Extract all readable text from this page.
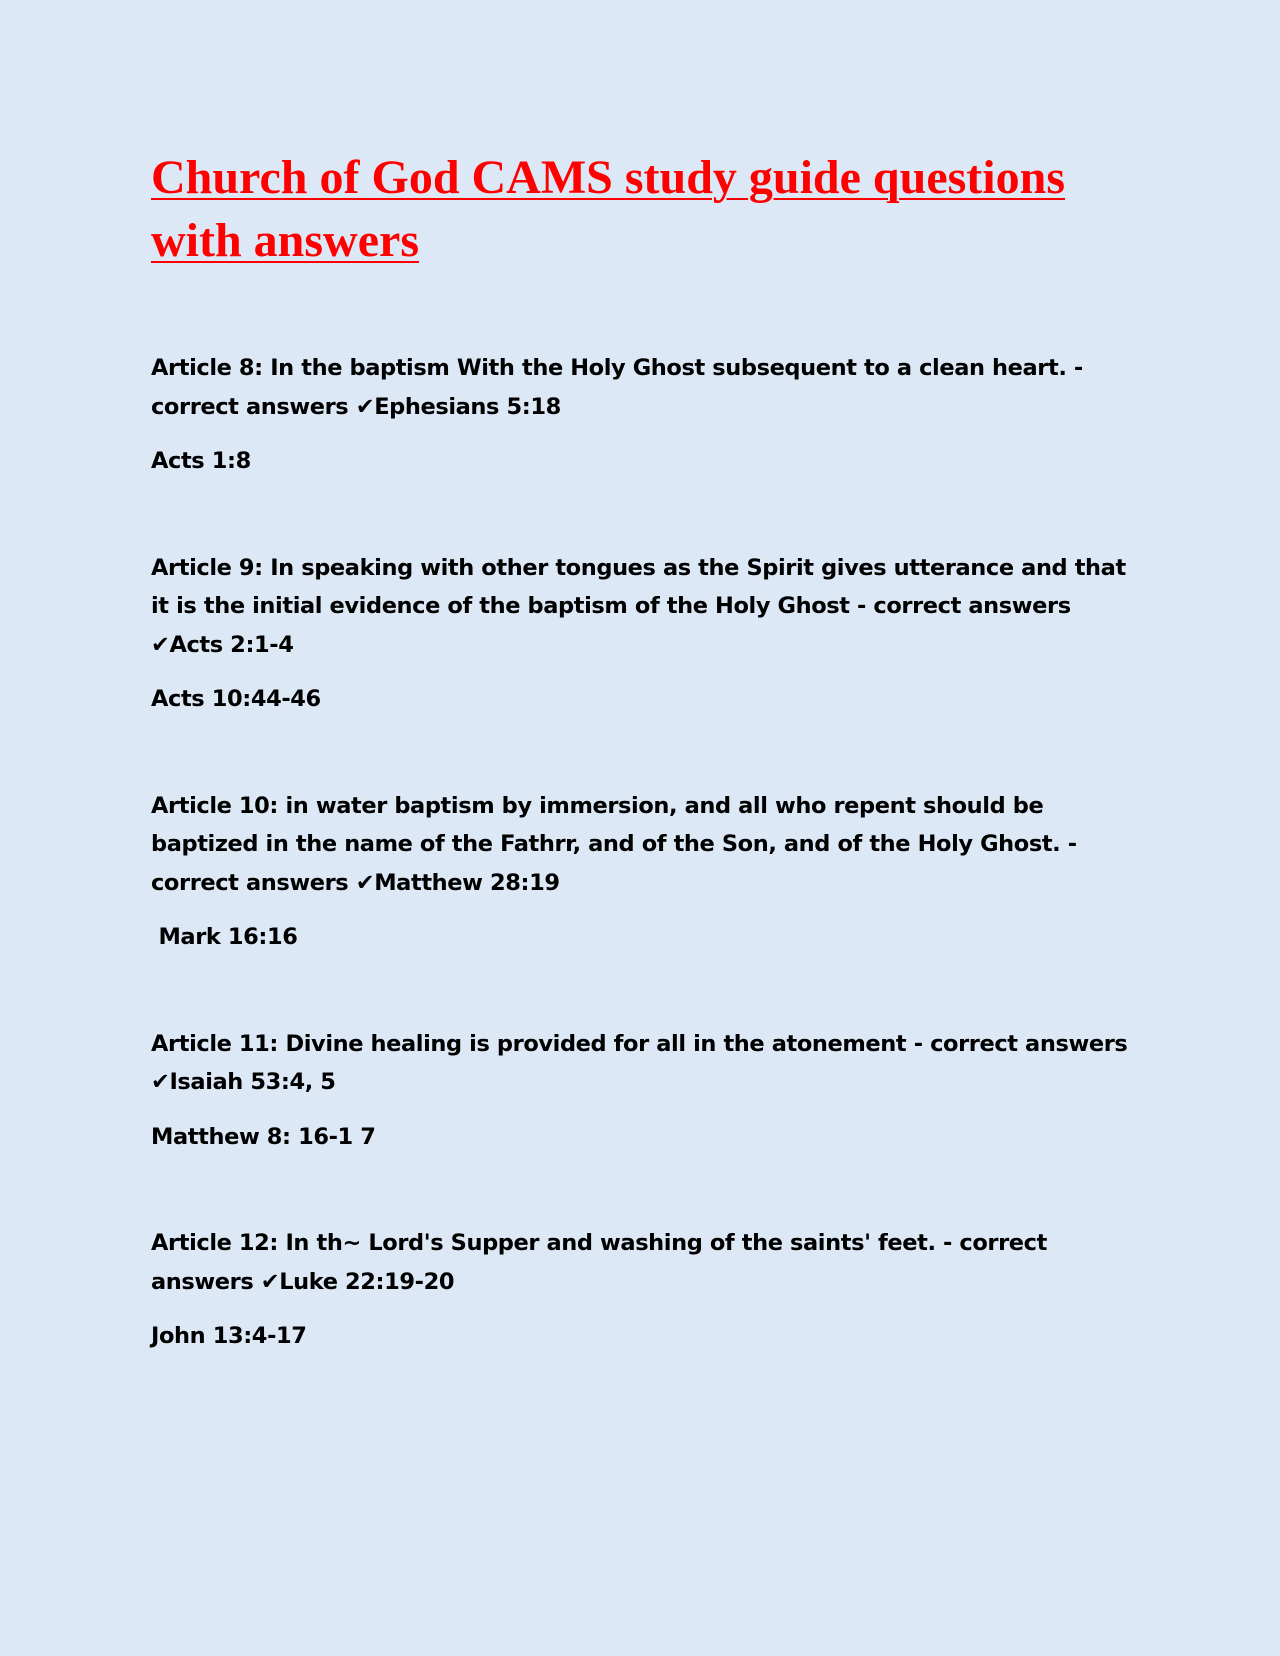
Church of God CAMS study guide questions with answers

Article 8: In the baptism With the Holy Ghost subsequent to a clean heart. - correct answers ✔Ephesians 5:18

Acts 1:8

Article 9: In speaking with other tongues as the Spirit gives utterance and that it is the initial evidence of the baptism of the Holy Ghost - correct answers ✔Acts 2:1-4

Acts 10:44-46

Article 10: in water baptism by immersion, and all who repent should be baptized in the name of the Fathrr, and of the Son, and of the Holy Ghost. - correct answers ✔Matthew 28:19

Mark 16:16

Article 11: Divine healing is provided for all in the atonement - correct answers ✔Isaiah 53:4, 5

Matthew 8: 16-1 7

Article 12: In th~ Lord's Supper and washing of the saints' feet. - correct answers ✔Luke 22:19-20

John 13:4-17
